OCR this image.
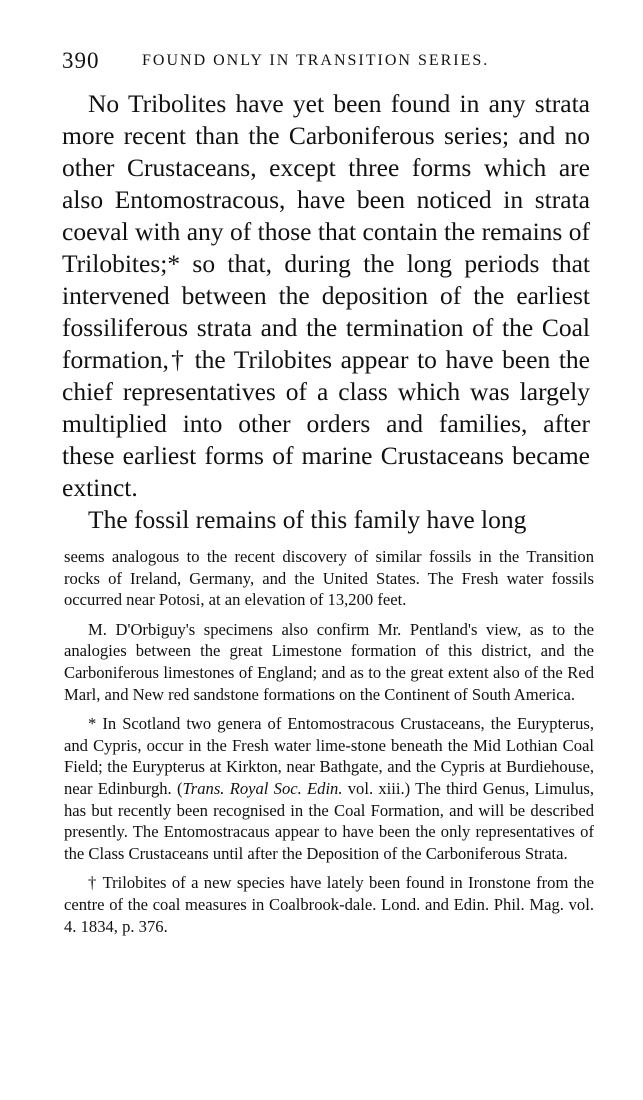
390	FOUND ONLY IN TRANSITION SERIES.

No Tribolites have yet been found in any strata more recent than the Carboniferous series; and no other Crustaceans, except three forms which are also Entomostracous, have been noticed in strata coeval with any of those that contain the remains of Trilobites;* so that, during the long periods that intervened between the deposition of the earliest fossiliferous strata and the termination of the Coal formation,† the Trilobites appear to have been the chief representatives of a class which was largely multiplied into other orders and families, after these earliest forms of marine Crustaceans became extinct.

The fossil remains of this family have long

seems analogous to the recent discovery of similar fossils in the Transition rocks of Ireland, Germany, and the United States. The Fresh water fossils occurred near Potosi, at an elevation of 13,200 feet.

M. D'Orbiguy's specimens also confirm Mr. Pentland's view, as to the analogies between the great Limestone formation of this district, and the Carboniferous limestones of England; and as to the great extent also of the Red Marl, and New red sandstone formations on the Continent of South America.

* In Scotland two genera of Entomostracous Crustaceans, the Eurypterus, and Cypris, occur in the Fresh water lime-stone beneath the Mid Lothian Coal Field; the Eurypterus at Kirkton, near Bathgate, and the Cypris at Burdiehouse, near Edinburgh. (Trans. Royal Soc. Edin. vol. xiii.) The third Genus, Limulus, has but recently been recognised in the Coal Formation, and will be described presently. The Entomostracaus appear to have been the only representatives of the Class Crustaceans until after the Deposition of the Carboniferous Strata.

† Trilobites of a new species have lately been found in Ironstone from the centre of the coal measures in Coalbrook-dale. Lond. and Edin. Phil. Mag. vol. 4. 1834, p. 376.
